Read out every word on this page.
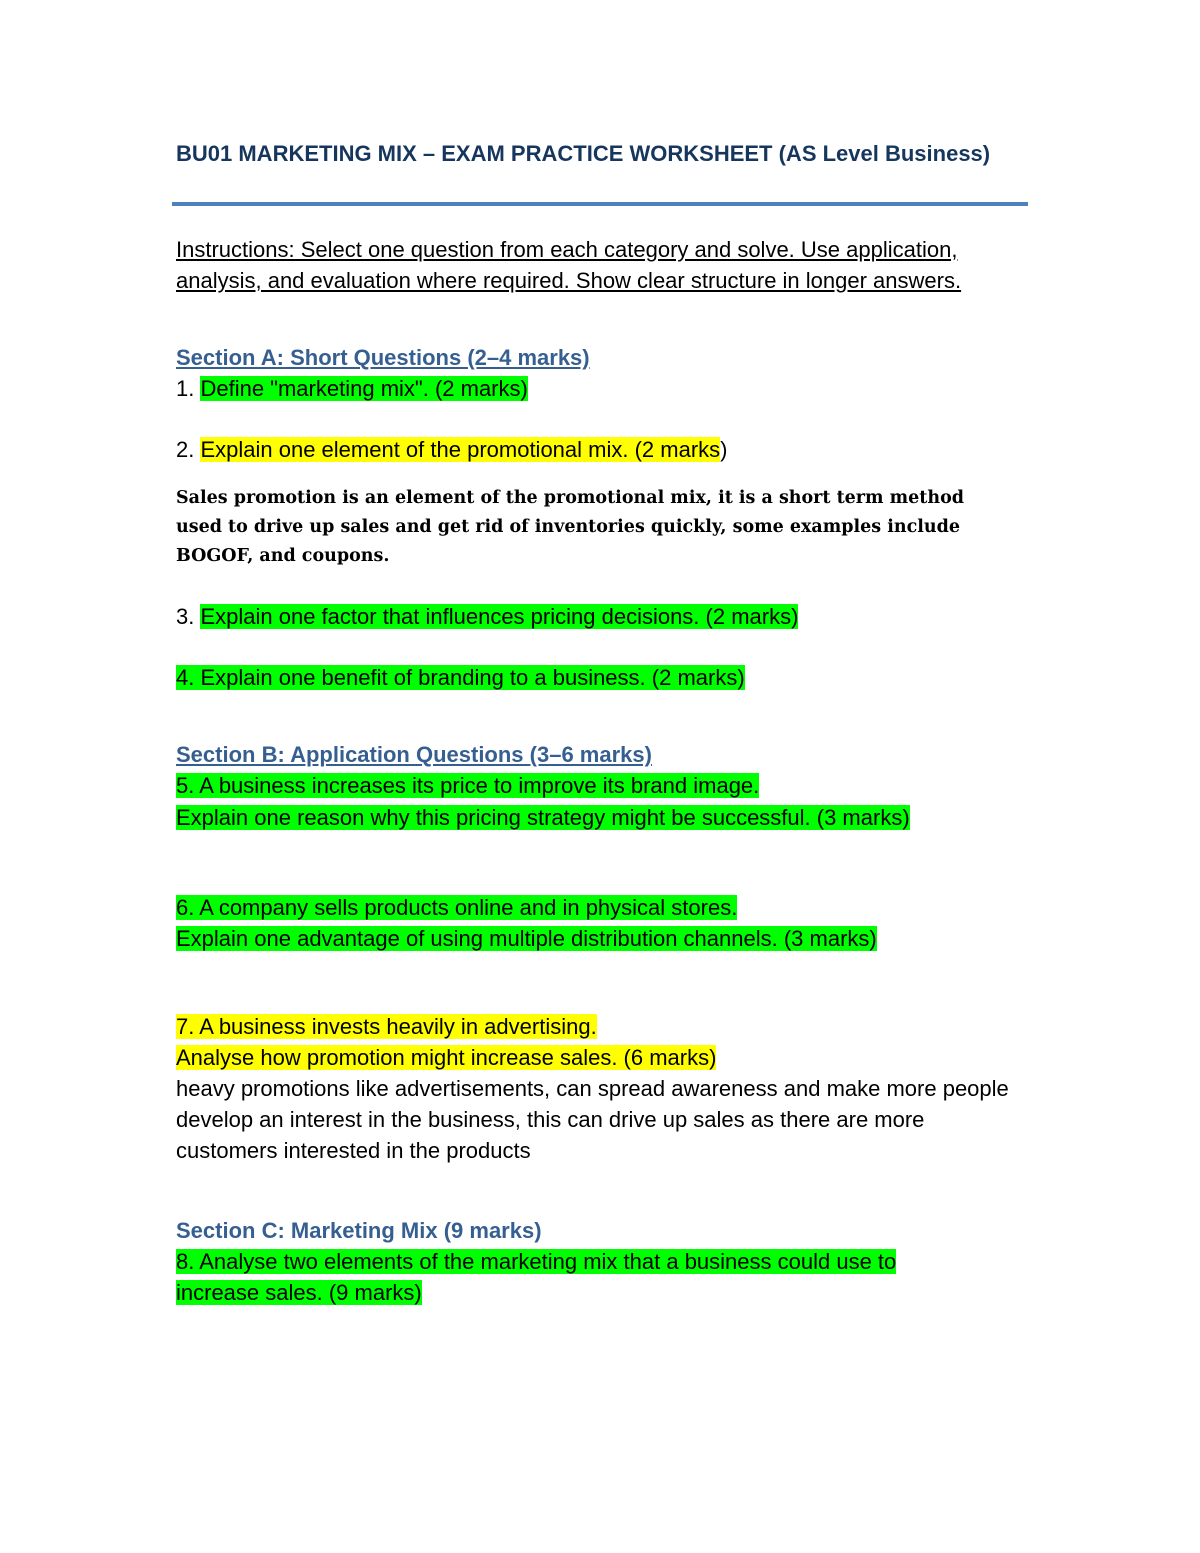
BU01 MARKETING MIX – EXAM PRACTICE WORKSHEET (AS Level Business)

Instructions: Select one question from each category and solve. Use application, analysis, and evaluation where required. Show clear structure in longer answers.

Section A: Short Questions (2–4 marks)

1. Define "marketing mix". (2 marks)

2. Explain one element of the promotional mix. (2 marks)

Sales promotion is an element of the promotional mix, it is a short term method used to drive up sales and get rid of inventories quickly, some examples include BOGOF, and coupons.

3. Explain one factor that influences pricing decisions. (2 marks)

4. Explain one benefit of branding to a business. (2 marks)

Section B: Application Questions (3–6 marks)

5. A business increases its price to improve its brand image.

Explain one reason why this pricing strategy might be successful. (3 marks)

6. A company sells products online and in physical stores.

Explain one advantage of using multiple distribution channels. (3 marks)

7. A business invests heavily in advertising.

Analyse how promotion might increase sales. (6 marks)

heavy promotions like advertisements, can spread awareness and make more people develop an interest in the business, this can drive up sales as there are more customers interested in the products

Section C: Marketing Mix (9 marks)

8. Analyse two elements of the marketing mix that a business could use to

increase sales. (9 marks)
